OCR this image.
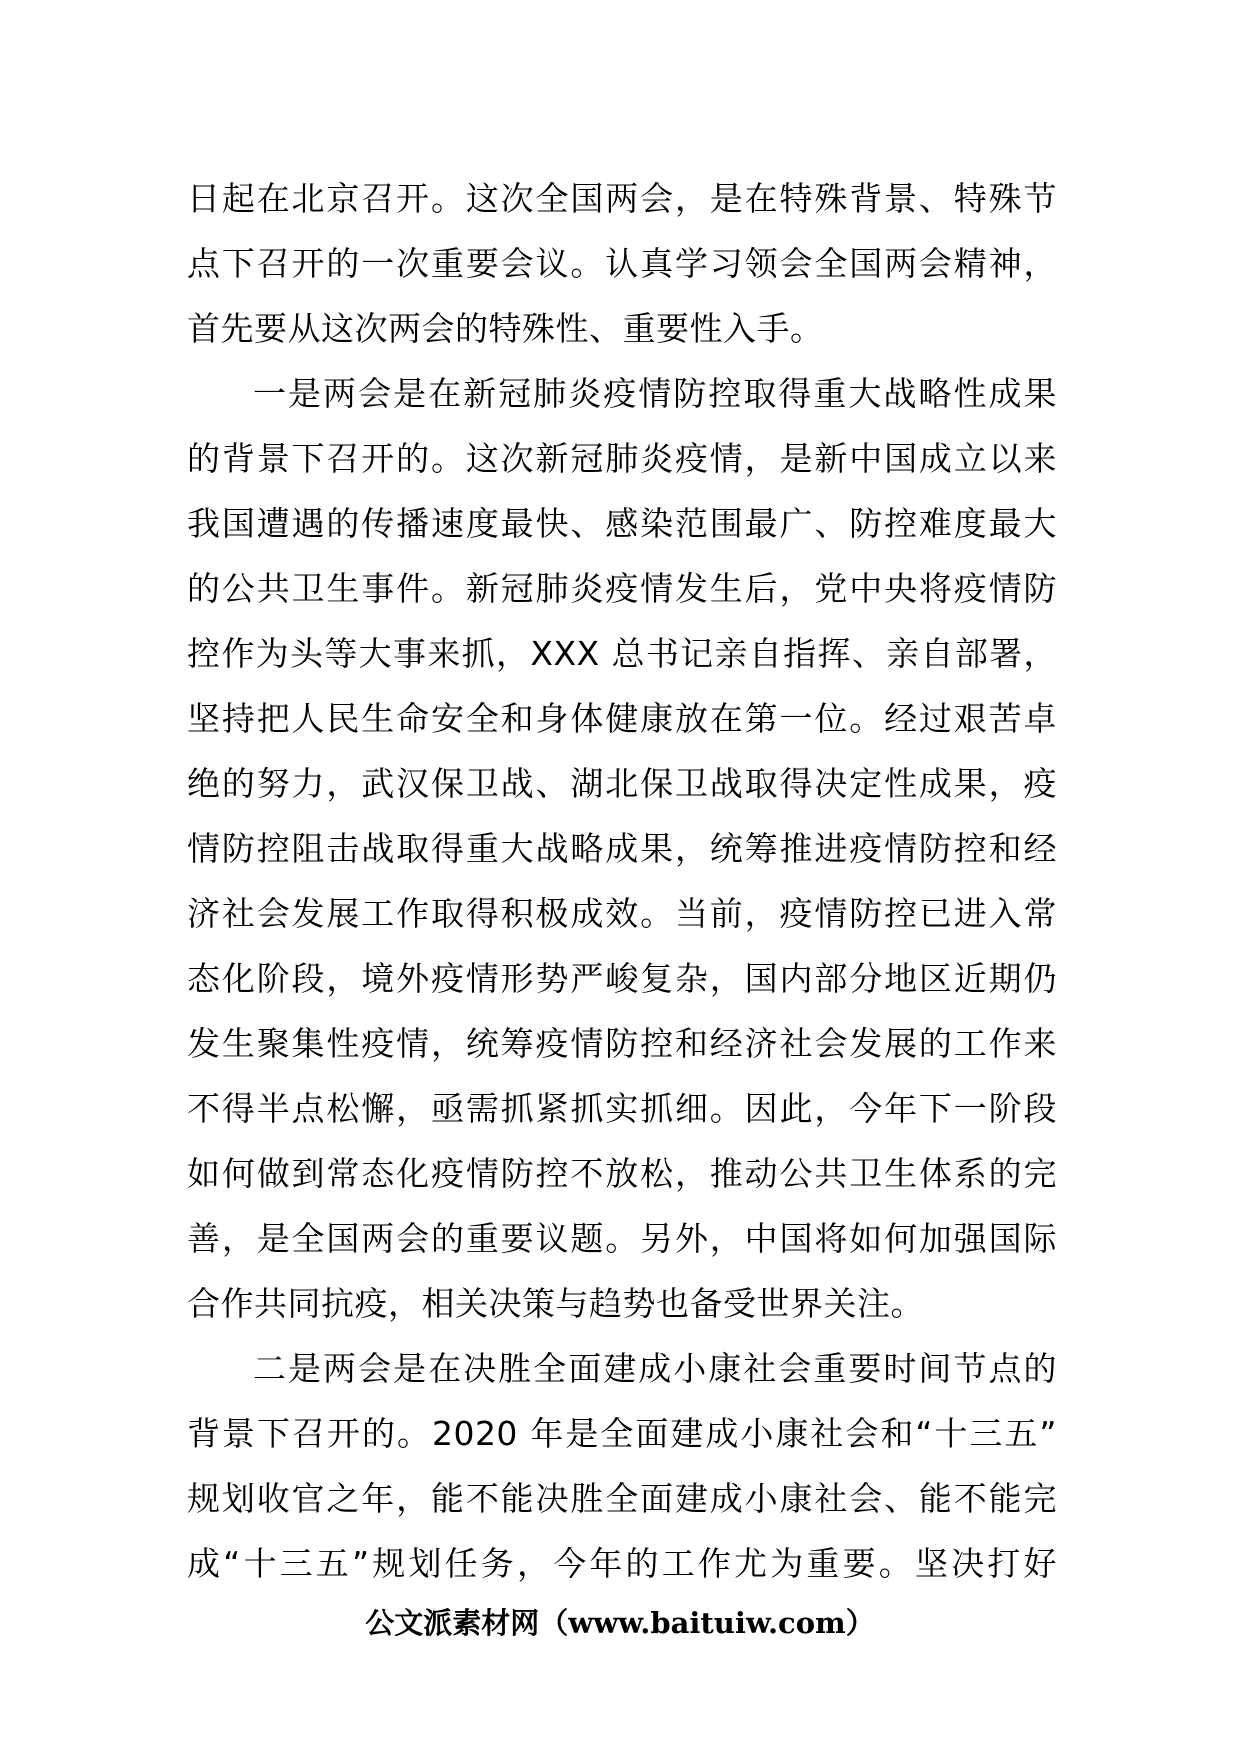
日起在北京召开。这次全国两会，是在特殊背景、特殊节
点下召开的一次重要会议。认真学习领会全国两会精神，
首先要从这次两会的特殊性、重要性入手。
一是两会是在新冠肺炎疫情防控取得重大战略性成果
的背景下召开的。这次新冠肺炎疫情，是新中国成立以来
我国遭遇的传播速度最快、感染范围最广、防控难度最大
的公共卫生事件。新冠肺炎疫情发生后，党中央将疫情防
控作为头等大事来抓，XXX 总书记亲自指挥、亲自部署，
坚持把人民生命安全和身体健康放在第一位。经过艰苦卓
绝的努力，武汉保卫战、湖北保卫战取得决定性成果，疫
情防控阻击战取得重大战略成果，统筹推进疫情防控和经
济社会发展工作取得积极成效。当前，疫情防控已进入常
态化阶段，境外疫情形势严峻复杂，国内部分地区近期仍
发生聚集性疫情，统筹疫情防控和经济社会发展的工作来
不得半点松懈，亟需抓紧抓实抓细。因此，今年下一阶段
如何做到常态化疫情防控不放松，推动公共卫生体系的完
善，是全国两会的重要议题。另外，中国将如何加强国际
合作共同抗疫，相关决策与趋势也备受世界关注。
二是两会是在决胜全面建成小康社会重要时间节点的
背景下召开的。2020 年是全面建成小康社会和“十三五”
规划收官之年，能不能决胜全面建成小康社会、能不能完
成“十三五”规划任务，今年的工作尤为重要。坚决打好
公文派素材网（www.baituiw.com）
